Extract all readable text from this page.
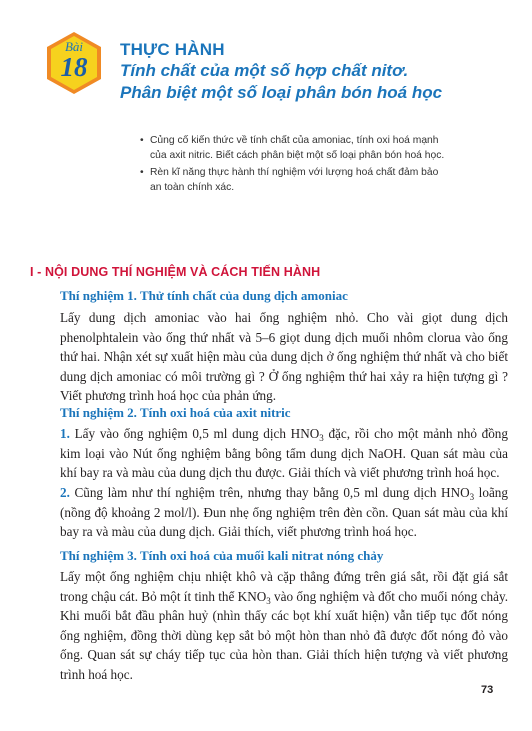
Bài
18
THỰC HÀNH
Tính chất của một số hợp chất nitơ.
Phân biệt một số loại phân bón hoá học
• Củng cố kiến thức về tính chất của amoniac, tính oxi hoá mạnh
của axit nitric. Biết cách phân biệt một số loại phân bón hoá học.
• Rèn kĩ năng thực hành thí nghiệm với lượng hoá chất đảm bảo
an toàn chính xác.
I - NỘI DUNG THÍ NGHIỆM VÀ CÁCH TIẾN HÀNH
Thí nghiệm 1. Thử tính chất của dung dịch amoniac
Lấy dung dịch amoniac vào hai ống nghiệm nhỏ. Cho vài giọt dung dịch phenolphtalein vào ống thứ nhất và 5–6 giọt dung dịch muối nhôm clorua vào ống thứ hai. Nhận xét sự xuất hiện màu của dung dịch ở ống nghiệm thứ nhất và cho biết dung dịch amoniac có môi trường gì ? Ở ống nghiệm thứ hai xảy ra hiện tượng gì ? Viết phương trình hoá học của phản ứng.
Thí nghiệm 2. Tính oxi hoá của axit nitric
1. Lấy vào ống nghiệm 0,5 ml dung dịch $HNO_3$ đặc, rồi cho một mảnh nhỏ đồng kim loại vào Nút ống nghiệm bằng bông tẩm dung dịch NaOH. Quan sát màu của khí bay ra và màu của dung dịch thu được. Giải thích và viết phương trình hoá học.
2. Cũng làm như thí nghiệm trên, nhưng thay bằng 0,5 ml dung dịch $HNO_3$ loãng (nồng độ khoảng 2 mol/l). Đun nhẹ ống nghiệm trên đèn cồn. Quan sát màu của khí bay ra và màu của dung dịch. Giải thích, viết phương trình hoá học.
Thí nghiệm 3. Tính oxi hoá của muối kali nitrat nóng chảy
Lấy một ống nghiệm chịu nhiệt khô và cặp thẳng đứng trên giá sắt, rồi đặt giá sắt trong chậu cát. Bỏ một ít tinh thể $KNO_3$ vào ống nghiệm và đốt cho muối nóng chảy. Khi muối bắt đầu phân huỷ (nhìn thấy các bọt khí xuất hiện) vẫn tiếp tục đốt nóng ống nghiệm, đồng thời dùng kẹp sắt bỏ một hòn than nhỏ đã được đốt nóng đỏ vào ống. Quan sát sự cháy tiếp tục của hòn than. Giải thích hiện tượng và viết phương trình hoá học.
73
